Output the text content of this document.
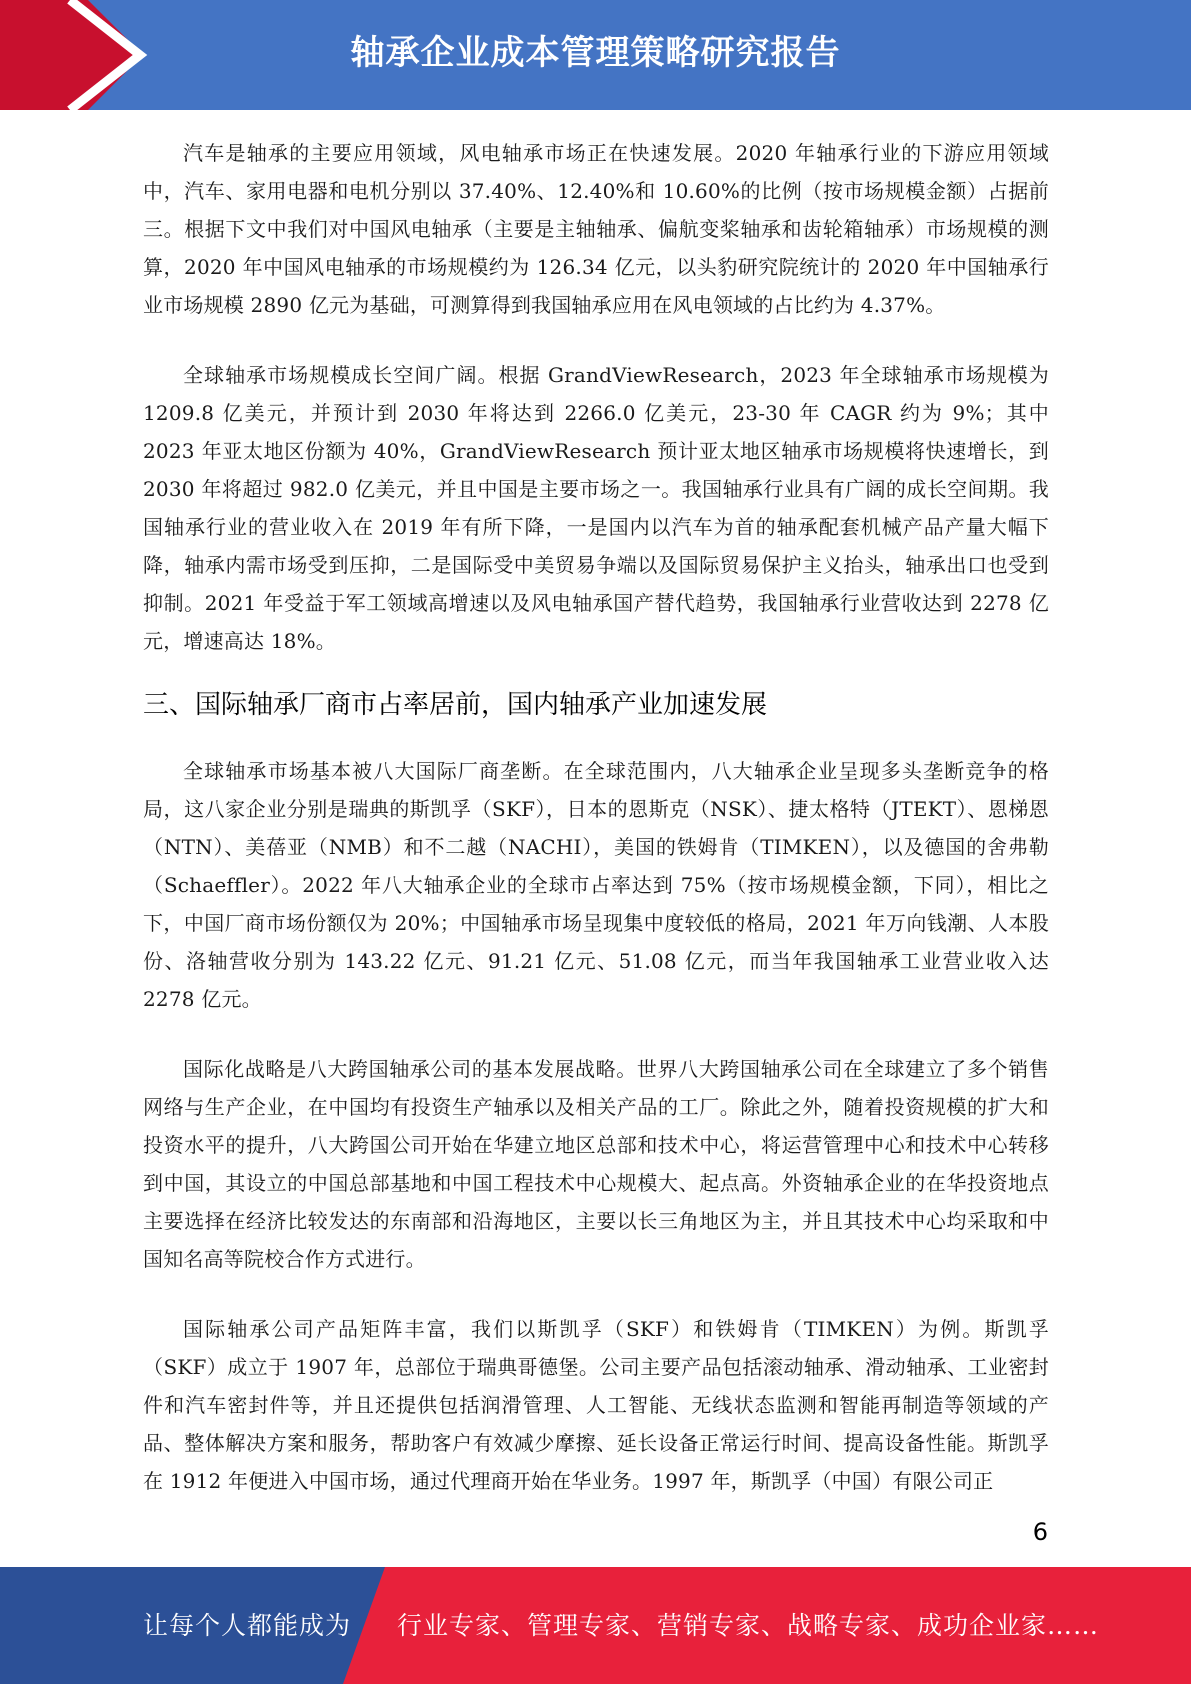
轴承企业成本管理策略研究报告

汽车是轴承的主要应用领域，风电轴承市场正在快速发展。2020 年轴承行业的下游应用领域中，汽车、家用电器和电机分别以 37.40%、12.40%和 10.60%的比例（按市场规模金额）占据前三。根据下文中我们对中国风电轴承（主要是主轴轴承、偏航变桨轴承和齿轮箱轴承）市场规模的测算，2020 年中国风电轴承的市场规模约为 126.34 亿元，以头豹研究院统计的 2020 年中国轴承行业市场规模 2890 亿元为基础，可测算得到我国轴承应用在风电领域的占比约为 4.37%。

全球轴承市场规模成长空间广阔。根据 GrandViewResearch，2023 年全球轴承市场规模为 1209.8 亿美元，并预计到 2030 年将达到 2266.0 亿美元，23-30 年 CAGR 约为 9%；其中 2023 年亚太地区份额为 40%，GrandViewResearch 预计亚太地区轴承市场规模将快速增长，到 2030 年将超过 982.0 亿美元，并且中国是主要市场之一。我国轴承行业具有广阔的成长空间期。我国轴承行业的营业收入在 2019 年有所下降，一是国内以汽车为首的轴承配套机械产品产量大幅下降，轴承内需市场受到压抑，二是国际受中美贸易争端以及国际贸易保护主义抬头，轴承出口也受到抑制。2021 年受益于军工领域高增速以及风电轴承国产替代趋势，我国轴承行业营收达到 2278 亿元，增速高达 18%。

三、国际轴承厂商市占率居前，国内轴承产业加速发展

全球轴承市场基本被八大国际厂商垄断。在全球范围内，八大轴承企业呈现多头垄断竞争的格局，这八家企业分别是瑞典的斯凯孚（SKF），日本的恩斯克（NSK）、捷太格特（JTEKT）、恩梯恩（NTN）、美蓓亚（NMB）和不二越（NACHI），美国的铁姆肯（TIMKEN），以及德国的舍弗勒（Schaeffler）。2022 年八大轴承企业的全球市占率达到 75%（按市场规模金额，下同），相比之下，中国厂商市场份额仅为 20%；中国轴承市场呈现集中度较低的格局，2021 年万向钱潮、人本股份、洛轴营收分别为 143.22 亿元、91.21 亿元、51.08 亿元，而当年我国轴承工业营业收入达 2278 亿元。

国际化战略是八大跨国轴承公司的基本发展战略。世界八大跨国轴承公司在全球建立了多个销售网络与生产企业，在中国均有投资生产轴承以及相关产品的工厂。除此之外，随着投资规模的扩大和投资水平的提升，八大跨国公司开始在华建立地区总部和技术中心，将运营管理中心和技术中心转移到中国，其设立的中国总部基地和中国工程技术中心规模大、起点高。外资轴承企业的在华投资地点主要选择在经济比较发达的东南部和沿海地区，主要以长三角地区为主，并且其技术中心均采取和中国知名高等院校合作方式进行。

国际轴承公司产品矩阵丰富，我们以斯凯孚（SKF）和铁姆肯（TIMKEN）为例。斯凯孚（SKF）成立于 1907 年，总部位于瑞典哥德堡。公司主要产品包括滚动轴承、滑动轴承、工业密封件和汽车密封件等，并且还提供包括润滑管理、人工智能、无线状态监测和智能再制造等领域的产品、整体解决方案和服务，帮助客户有效减少摩擦、延长设备正常运行时间、提高设备性能。斯凯孚在 1912 年便进入中国市场，通过代理商开始在华业务。1997 年，斯凯孚（中国）有限公司正

6
让每个人都能成为 行业专家、管理专家、营销专家、战略专家、成功企业家……
